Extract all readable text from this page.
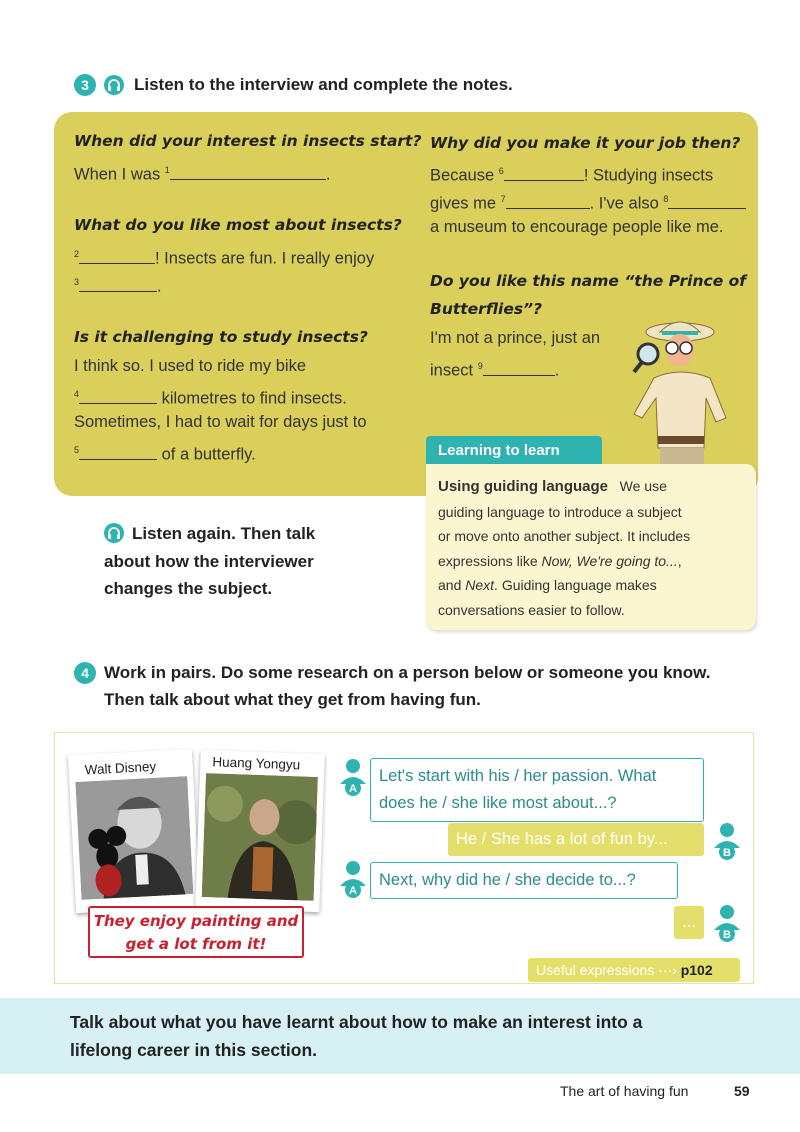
3	Listen to the interview and complete the notes.
When did your interest in insects start?
When I was $^1$	.
What do you like most about insects?
$^2$	! Insects are fun. I really enjoy
$^3$	.
Is it challenging to study insects?
I think so. I used to ride my bike
$^4$	kilometres to find insects.
Sometimes, I had to wait for days just to
$^5$	of a butterfly.
Why did you make it your job then?
Because $^6$	! Studying insects
gives me $^7$	. I've also $^8$
a museum to encourage people like me.
Do you like this name “the Prince of
Butterflies”?
I'm not a prince, just an
insect $^9$	.
Learning to learn
Using guiding language We use
guiding language to introduce a subject
or move onto another subject. It includes
expressions like Now, We're going to...,
and Next. Guiding language makes
conversations easier to follow.
Listen again. Then talk
about how the interviewer
changes the subject.
4 Work in pairs. Do some research on a person below or someone you know.
Then talk about what they get from having fun.
Walt Disney	Huang Yongyu
They enjoy painting and
get a lot from it!
A
A
B
B
Let's start with his / her passion. What
does he / she like most about...?
He / She has a lot of fun by...
Next, why did he / she decide to...?
...
Useful expressions ···› p102
Talk about what you have learnt about how to make an interest into a
lifelong career in this section.
The art of having fun	59
